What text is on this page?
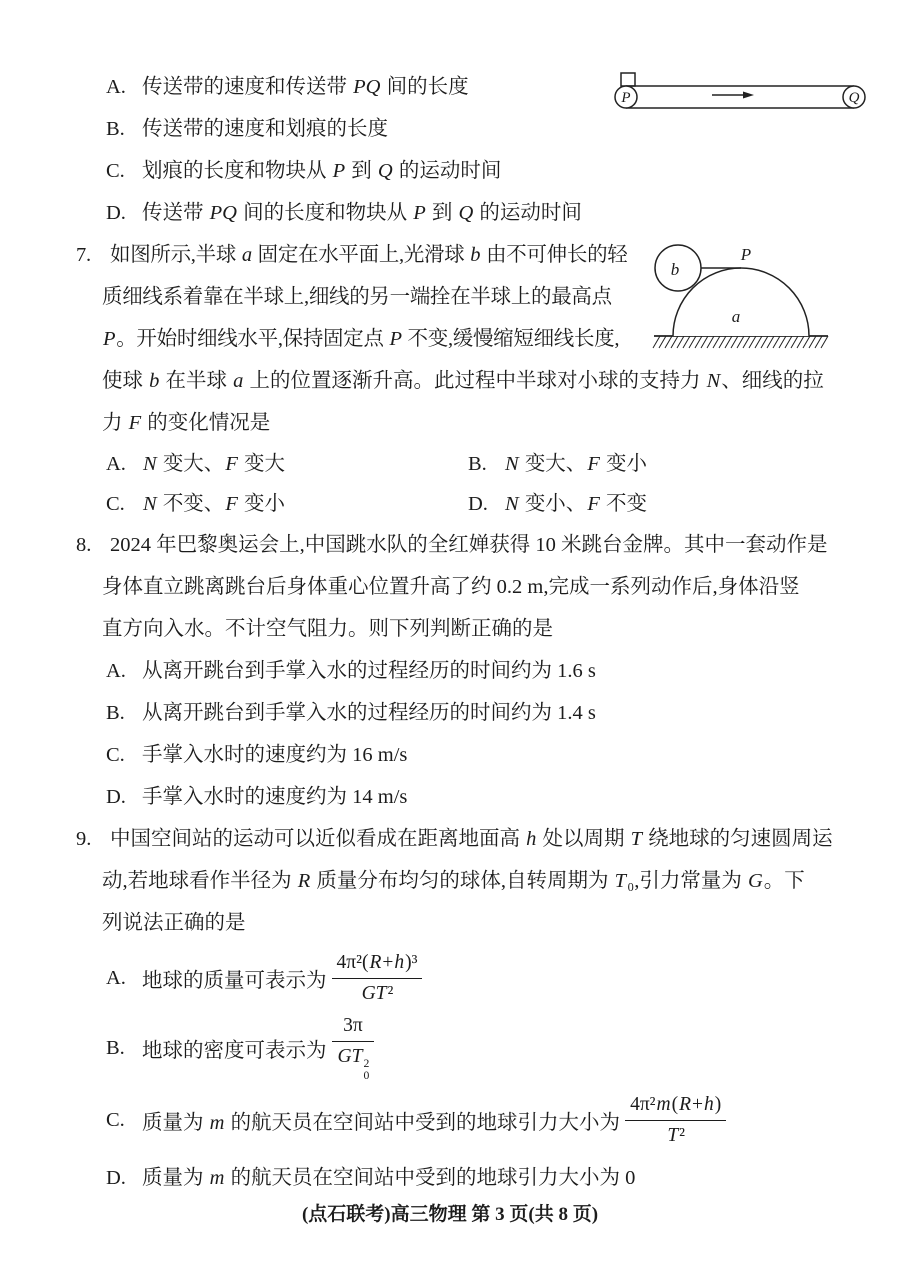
A. 传送带的速度和传送带 PQ 间的长度
B. 传送带的速度和划痕的长度
C. 划痕的长度和物块从 P 到 Q 的运动时间
D. 传送带 PQ 间的长度和物块从 P 到 Q 的运动时间
P	Q
7. 如图所示,半球 a 固定在水平面上,光滑球 b 由不可伸长的轻
质细线系着靠在半球上,细线的另一端拴在半球上的最高点
P。开始时细线水平,保持固定点 P 不变,缓慢缩短细线长度,
使球 b 在半球 a 上的位置逐渐升高。此过程中半球对小球的支持力 N、细线的拉
力 F 的变化情况是
A. N 变大、F 变大	B. N 变大、F 变小
C. N 不变、F 变小	D. N 变小、F 不变
b
a
P
8. 2024 年巴黎奥运会上,中国跳水队的全红婵获得 10 米跳台金牌。其中一套动作是
身体直立跳离跳台后身体重心位置升高了约 0.2 m,完成一系列动作后,身体沿竖
直方向入水。不计空气阻力。则下列判断正确的是
A. 从离开跳台到手掌入水的过程经历的时间约为 1.6 s
B. 从离开跳台到手掌入水的过程经历的时间约为 1.4 s
C. 手掌入水时的速度约为 16 m/s
D. 手掌入水时的速度约为 14 m/s
9. 中国空间站的运动可以近似看成在距离地面高 h 处以周期 T 绕地球的匀速圆周运
动,若地球看作半径为 R 质量分布均匀的球体,自转周期为 T₀,引力常量为 G。下
列说法正确的是
A. 地球的质量可表示为 $\frac{\text{4π²(R+h)³}}{\text{GT²}}$
B. 地球的密度可表示为 3π
GT 2
0
C. 质量为 m 的航天员在空间站中受到的地球引力大小为 $\frac{\text{4π²m(R+h)}}{\text{T²}}$
D. 质量为 m 的航天员在空间站中受到的地球引力大小为 0
(点石联考)高三物理 第 3 页(共 8 页)
